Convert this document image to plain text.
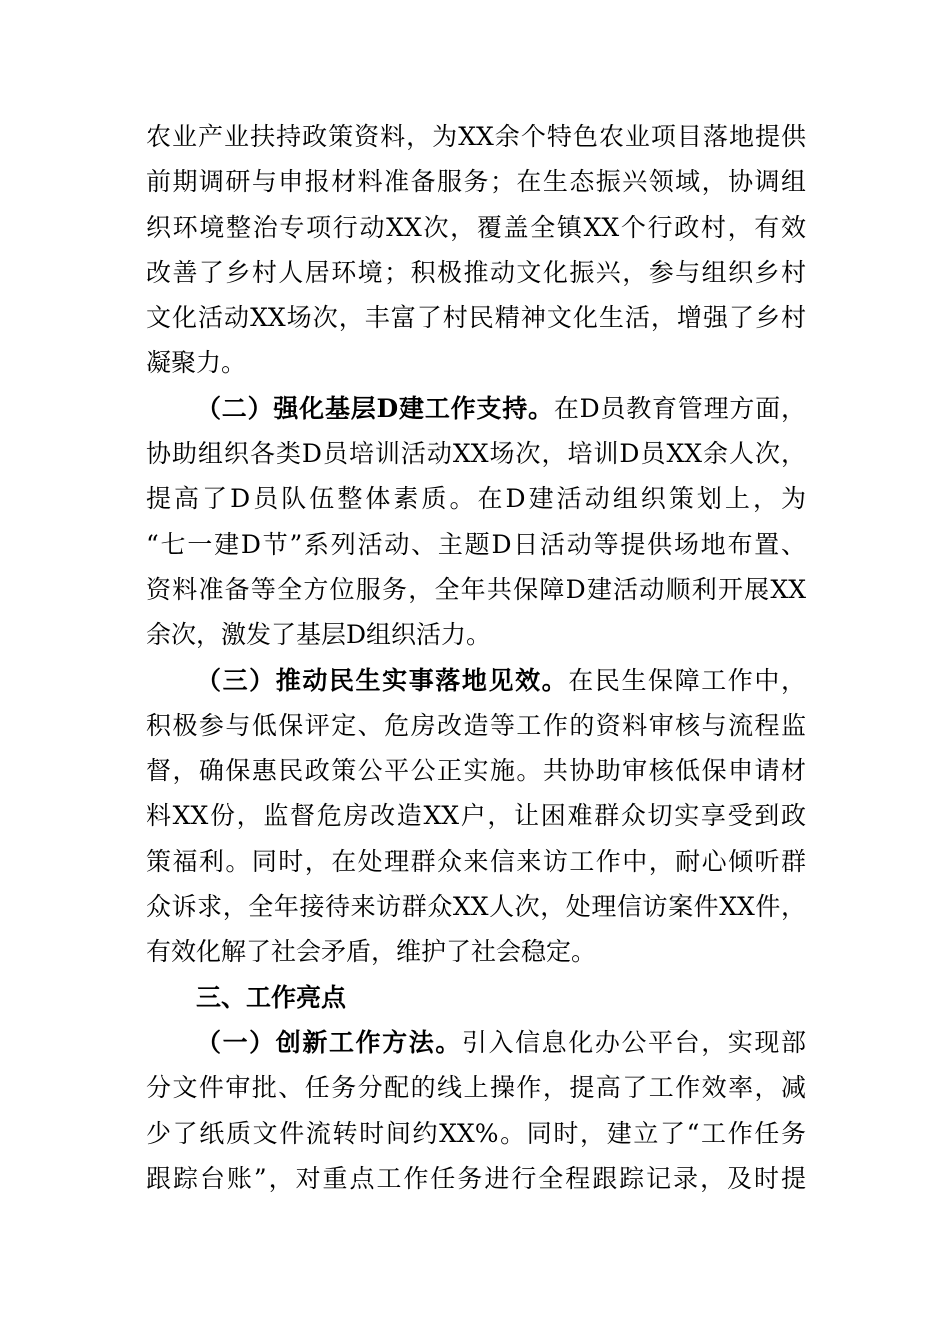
农业产业扶持政策资料，为XX余个特色农业项目落地提供
前期调研与申报材料准备服务；在生态振兴领域，协调组
织环境整治专项行动XX次，覆盖全镇XX个行政村，有效
改善了乡村人居环境；积极推动文化振兴，参与组织乡村
文化活动XX场次，丰富了村民精神文化生活，增强了乡村
凝聚力。
（二）强化基层D建工作支持。在D员教育管理方面，
协助组织各类D员培训活动XX场次，培训D员XX余人次，
提高了D员队伍整体素质。在D建活动组织策划上，为
“七一建D节”系列活动、主题D日活动等提供场地布置、
资料准备等全方位服务，全年共保障D建活动顺利开展XX
余次，激发了基层D组织活力。
（三）推动民生实事落地见效。在民生保障工作中，
积极参与低保评定、危房改造等工作的资料审核与流程监
督，确保惠民政策公平公正实施。共协助审核低保申请材
料XX份，监督危房改造XX户，让困难群众切实享受到政
策福利。同时，在处理群众来信来访工作中，耐心倾听群
众诉求，全年接待来访群众XX人次，处理信访案件XX件，
有效化解了社会矛盾，维护了社会稳定。
三、工作亮点
（一）创新工作方法。引入信息化办公平台，实现部
分文件审批、任务分配的线上操作，提高了工作效率，减
少了纸质文件流转时间约XX%。同时，建立了“工作任务
跟踪台账”，对重点工作任务进行全程跟踪记录，及时提
